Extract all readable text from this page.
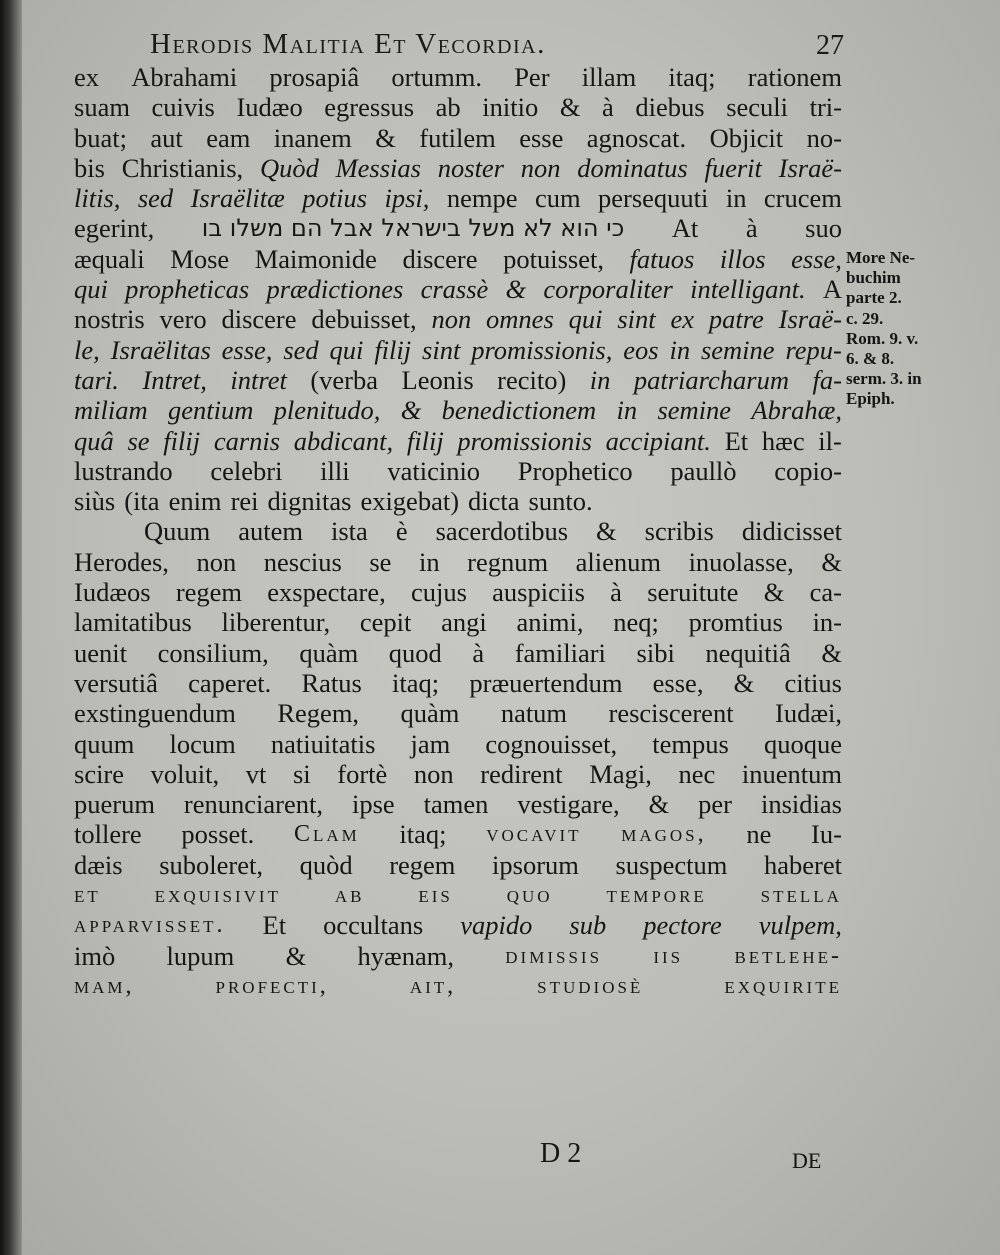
Herodis Malitia Et Vecordia.	27
ex Abrahami prosapiâ ortumm. Per illam itaq; rationem
suam cuivis Iudæo egressus ab initio & à diebus seculi tri-
buat; aut eam inanem & futilem esse agnoscat. Objicit no-
bis Christianis, Quòd Messias noster non dominatus fuerit Israë-
litis, sed Israëlitæ potius ipsi, nempe cum persequuti in crucem
egerint, כי הוא לא משל בישראל אבל הם משלו בו At à suo
æquali Mose Maimonide discere potuisset, fatuos illos esse,
qui propheticas prædictiones crassè & corporaliter intelligant. A
nostris vero discere debuisset, non omnes qui sint ex patre Israë-
le, Israëlitas esse, sed qui filij sint promissionis, eos in semine repu-
tari. Intret, intret (verba Leonis recito) in patriarcharum fa-
miliam gentium plenitudo, & benedictionem in semine Abrahæ,
quâ se filij carnis abdicant, filij promissionis accipiant. Et hæc il-
lustrando celebri illi vaticinio Prophetico paullò copio-
siùs (ita enim rei dignitas exigebat) dicta sunto.
Quum autem ista è sacerdotibus & scribis didicisset
Herodes, non nescius se in regnum alienum inuolasse, &
Iudæos regem exspectare, cujus auspiciis à seruitute & ca-
lamitatibus liberentur, cepit angi animi, neq; promtius in-
uenit consilium, quàm quod à familiari sibi nequitiâ &
versutiâ caperet. Ratus itaq; præuertendum esse, & citius
exstinguendum Regem, quàm natum resciscerent Iudæi,
quum locum natiuitatis jam cognouisset, tempus quoque
scire voluit, vt si fortè non redirent Magi, nec inuentum
puerum renunciarent, ipse tamen vestigare, & per insidias
tollere posset. Clam itaq; vocavit magos, ne Iu-
dæis suboleret, quòd regem ipsorum suspectum haberet
et exquisivit ab eis quo tempore stella
apparvisset. Et occultans vapido sub pectore vulpem,
imò lupum & hyænam, dimissis iis betlehe-
mam,	profecti,	ait,	studiosè	exquirite
More Ne-
buchim
parte 2.
c. 29.
Rom. 9. v.
6. & 8.
serm. 3. in
Epiph.
D 2	DE
